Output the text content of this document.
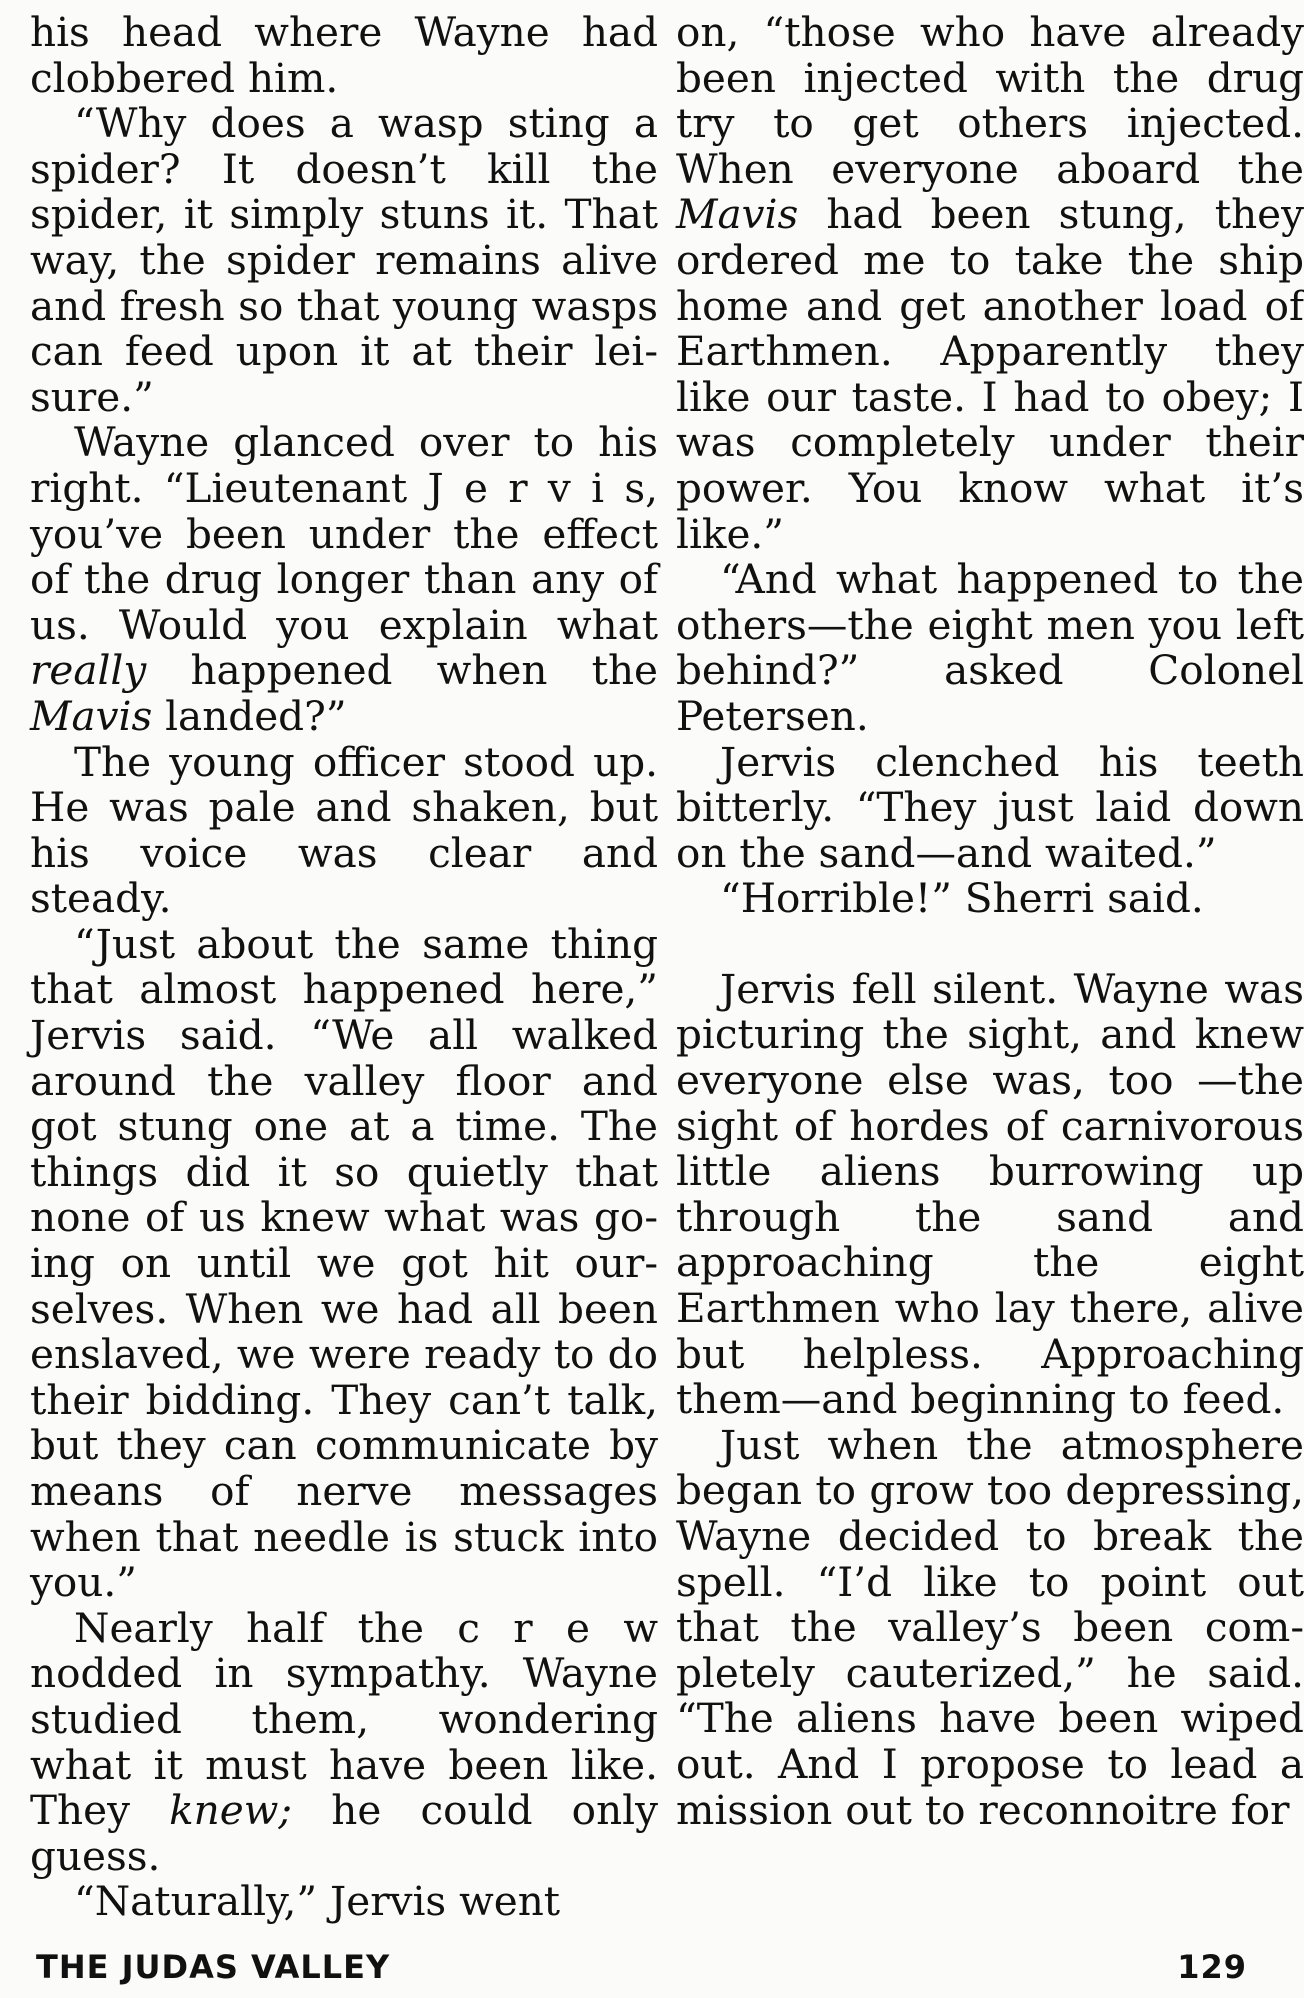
his head where Wayne had clobbered him.

“Why does a wasp sting a spider? It doesn’t kill the spider, it simply stuns it. That way, the spider remains alive and fresh so that young wasps can feed upon it at their leisure.”

Wayne glanced over to his right. “Lieutenant J e r v i s, you’ve been under the effect of the drug longer than any of us. Would you explain what really happened when the Mavis landed?”

The young officer stood up. He was pale and shaken, but his voice was clear and steady.

“Just about the same thing that almost happened here,” Jervis said. “We all walked around the valley floor and got stung one at a time. The things did it so quietly that none of us knew what was going on until we got hit ourselves. When we had all been enslaved, we were ready to do their bidding. They can’t talk, but they can communicate by means of nerve messages when that needle is stuck into you.”

Nearly half the c r e w nodded in sympathy. Wayne studied them, wondering what it must have been like. They knew; he could only guess.

“Naturally,” Jervis went

on, “those who have already been injected with the drug try to get others injected. When everyone aboard the Mavis had been stung, they ordered me to take the ship home and get another load of Earthmen. Apparently they like our taste. I had to obey; I was completely under their power. You know what it’s like.”

“And what happened to the others—the eight men you left behind?” asked Colonel Petersen.

Jervis clenched his teeth bitterly. “They just laid down on the sand—and waited.”

“Horrible!” Sherri said.

Jervis fell silent. Wayne was picturing the sight, and knew everyone else was, too —the sight of hordes of carnivorous little aliens burrowing up through the sand and approaching the eight Earthmen who lay there, alive but helpless. Approaching them—and beginning to feed.

Just when the atmosphere began to grow too depressing, Wayne decided to break the spell. “I’d like to point out that the valley’s been completely cauterized,” he said. “The aliens have been wiped out. And I propose to lead a mission out to reconnoitre for

THE JUDAS VALLEY	129
